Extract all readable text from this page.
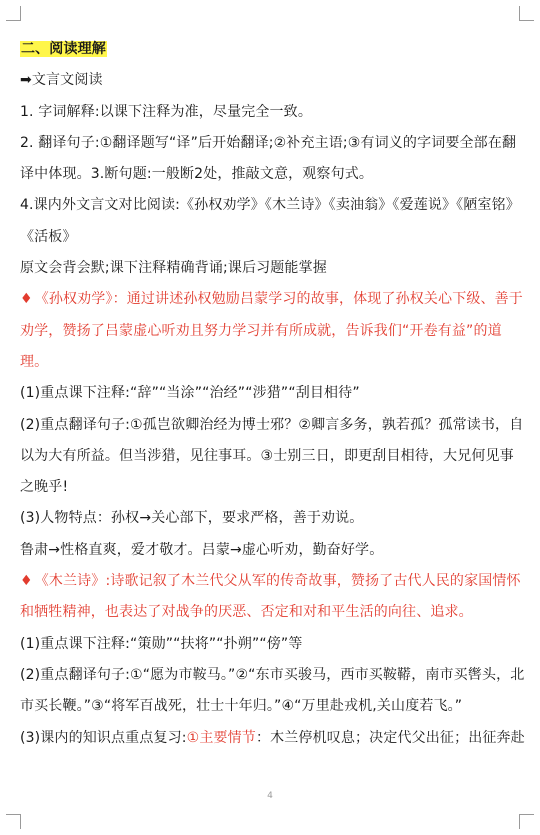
二、阅读理解

➡文言文阅读

1. 字词解释:以课下注释为准，尽量完全一致。

2. 翻译句子:①翻译题写“译”后开始翻译;②补充主语;③有词义的字词要全部在翻译中体现。3.断句题:一般断2处，推敲文意，观察句式。

4.课内外文言文对比阅读:《孙权劝学》《木兰诗》《卖油翁》《爱莲说》《陋室铭》《活板》

原文会背会默;课下注释精确背诵;课后习题能掌握

♦ 《孙权劝学》：通过讲述孙权勉励吕蒙学习的故事，体现了孙权关心下级、善于劝学，赞扬了吕蒙虚心听劝且努力学习并有所成就，告诉我们“开卷有益”的道理。

(1)重点课下注释:“辞”“当涂”“治经”“涉猎”“刮目相待”

(2)重点翻译句子:①孤岂欲卿治经为博士邪？②卿言多务，孰若孤？孤常读书，自以为大有所益。但当涉猎，见往事耳。③士别三日，即更刮目相待，大兄何见事之晚乎!

(3)人物特点：孙权→关心部下，要求严格，善于劝说。

鲁肃→性格直爽，爱才敬才。吕蒙→虚心听劝，勤奋好学。

♦ 《木兰诗》:诗歌记叙了木兰代父从军的传奇故事，赞扬了古代人民的家国情怀和牺牲精神，也表达了对战争的厌恶、否定和对和平生活的向往、追求。

(1)重点课下注释:“策勋”“扶将”“扑朔”“傍”等

(2)重点翻译句子:①“愿为市鞍马。”②“东市买骏马，西市买鞍鞯，南市买辔头，北市买长鞭。”③“将军百战死，壮士十年归。”④“万里赴戎机,关山度若飞。”

(3)课内的知识点重点复习:①主要情节：木兰停机叹息；决定代父出征；出征奔赴

4
